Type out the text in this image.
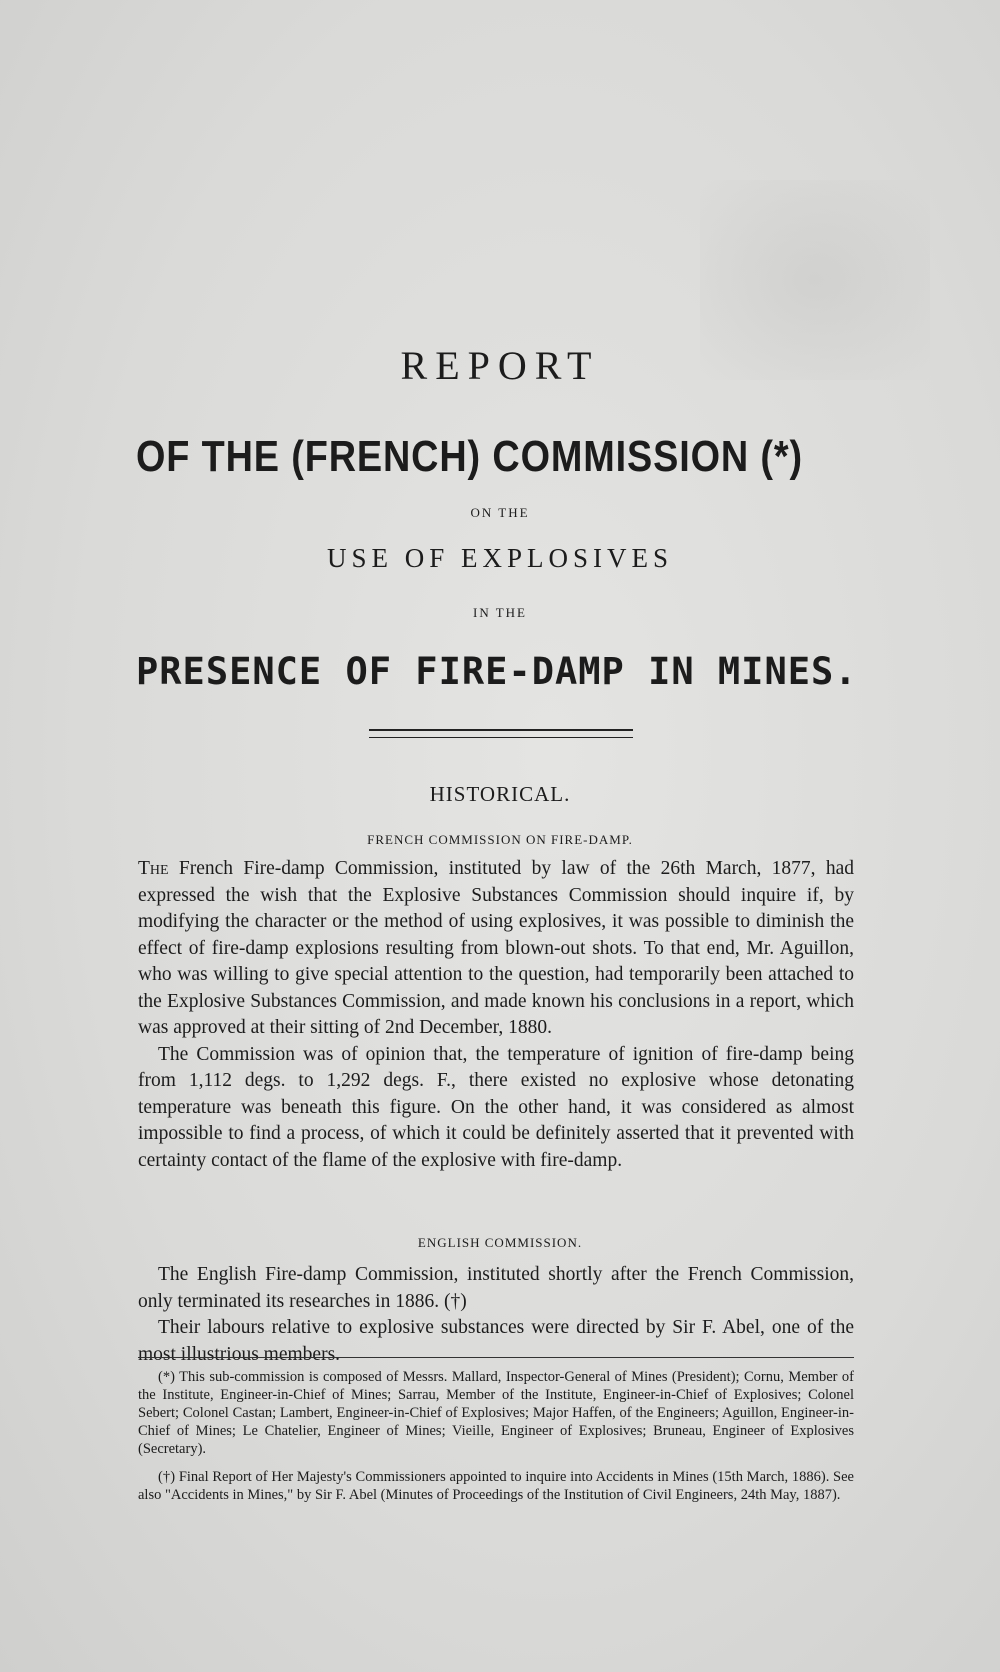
REPORT
OF THE (FRENCH) COMMISSION (*)
ON THE
USE OF EXPLOSIVES
IN THE
PRESENCE OF FIRE-DAMP IN MINES.
HISTORICAL.
FRENCH COMMISSION ON FIRE-DAMP.

The French Fire-damp Commission, instituted by law of the 26th March, 1877, had expressed the wish that the Explosive Substances Commission should inquire if, by modifying the character or the method of using explosives, it was possible to diminish the effect of fire-damp explosions resulting from blown-out shots. To that end, Mr. Aguillon, who was willing to give special attention to the question, had temporarily been attached to the Explosive Substances Commission, and made known his conclusions in a report, which was approved at their sitting of 2nd December, 1880.

The Commission was of opinion that, the temperature of ignition of fire-damp being from 1,112 degs. to 1,292 degs. F., there existed no explosive whose detonating temperature was beneath this figure. On the other hand, it was considered as almost impossible to find a process, of which it could be definitely asserted that it prevented with certainty contact of the flame of the explosive with fire-damp.

ENGLISH COMMISSION.

The English Fire-damp Commission, instituted shortly after the French Commission, only terminated its researches in 1886. (†)

Their labours relative to explosive substances were directed by Sir F. Abel, one of the most illustrious members.

(*) This sub-commission is composed of Messrs. Mallard, Inspector-General of Mines (President); Cornu, Member of the Institute, Engineer-in-Chief of Mines; Sarrau, Member of the Institute, Engineer-in-Chief of Explosives; Colonel Sebert; Colonel Castan; Lambert, Engineer-in-Chief of Explosives; Major Haffen, of the Engineers; Aguillon, Engineer-in-Chief of Mines; Le Chatelier, Engineer of Mines; Vieille, Engineer of Explosives; Bruneau, Engineer of Explosives (Secretary).

(†) Final Report of Her Majesty's Commissioners appointed to inquire into Accidents in Mines (15th March, 1886). See also "Accidents in Mines," by Sir F. Abel (Minutes of Proceedings of the Institution of Civil Engineers, 24th May, 1887).
